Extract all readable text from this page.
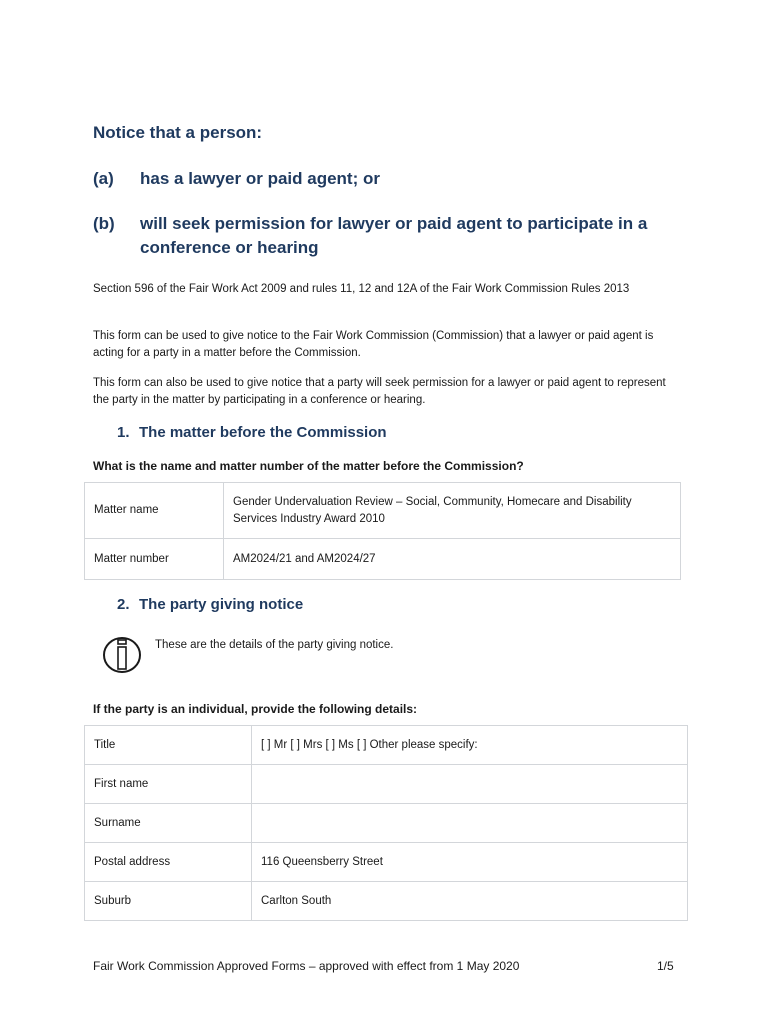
Notice that a person:
(a) has a lawyer or paid agent; or
(b) will seek permission for lawyer or paid agent to participate in a conference or hearing

Section 596 of the Fair Work Act 2009 and rules 11, 12 and 12A of the Fair Work Commission Rules 2013

This form can be used to give notice to the Fair Work Commission (Commission) that a lawyer or paid agent is acting for a party in a matter before the Commission.

This form can also be used to give notice that a party will seek permission for a lawyer or paid agent to represent the party in the matter by participating in a conference or hearing.

1. The matter before the Commission

What is the name and matter number of the matter before the Commission?

Matter name	Gender Undervaluation Review – Social, Community, Homecare and Disability Services Industry Award 2010
Matter number	AM2024/21 and AM2024/27
2. The party giving notice

These are the details of the party giving notice.

If the party is an individual, provide the following details:

Title	[ ] Mr [ ] Mrs [ ] Ms [ ] Other please specify:
First name	
Surname	
Postal address	116 Queensberry Street
Suburb	Carlton South
Fair Work Commission Approved Forms – approved with effect from 1 May 2020	1/5
